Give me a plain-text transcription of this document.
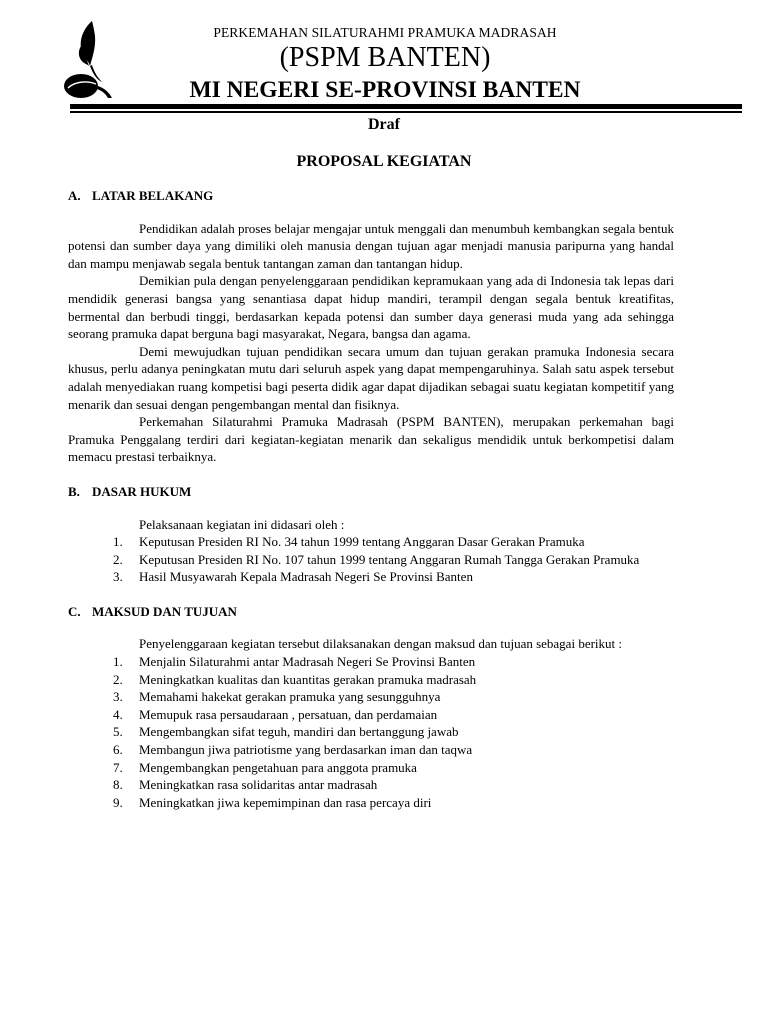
PERKEMAHAN SILATURAHMI PRAMUKA MADRASAH
(PSPM BANTEN)
MI NEGERI SE-PROVINSI BANTEN
Draf
PROPOSAL KEGIATAN

A. LATAR BELAKANG

Pendidikan adalah proses belajar mengajar untuk menggali dan menumbuh kembangkan segala bentuk potensi dan sumber daya yang dimiliki oleh manusia dengan tujuan agar menjadi manusia paripurna yang handal dan mampu menjawab segala bentuk tantangan zaman dan tantangan hidup.

Demikian pula dengan penyelenggaraan pendidikan kepramukaan yang ada di Indonesia tak lepas dari mendidik generasi bangsa yang senantiasa dapat hidup mandiri, terampil dengan segala bentuk kreatifitas, bermental dan berbudi tinggi, berdasarkan kepada potensi dan sumber daya generasi muda yang ada sehingga seorang pramuka dapat berguna bagi masyarakat, Negara, bangsa dan agama.

Demi mewujudkan tujuan pendidikan secara umum dan tujuan gerakan pramuka Indonesia secara khusus, perlu adanya peningkatan mutu dari seluruh aspek yang dapat mempengaruhinya. Salah satu aspek tersebut adalah menyediakan ruang kompetisi bagi peserta didik agar dapat dijadikan sebagai suatu kegiatan kompetitif yang menarik dan sesuai dengan pengembangan mental dan fisiknya.

Perkemahan Silaturahmi Pramuka Madrasah (PSPM BANTEN), merupakan perkemahan bagi Pramuka Penggalang terdiri dari kegiatan-kegiatan menarik dan sekaligus mendidik untuk berkompetisi dalam memacu prestasi terbaiknya.

B. DASAR HUKUM

Pelaksanaan kegiatan ini didasari oleh :

1.	Keputusan Presiden RI No. 34 tahun 1999 tentang Anggaran Dasar Gerakan Pramuka
2.	Keputusan Presiden RI No. 107 tahun 1999 tentang Anggaran Rumah Tangga Gerakan Pramuka
3.	Hasil Musyawarah Kepala Madrasah Negeri Se Provinsi Banten

C. MAKSUD DAN TUJUAN

Penyelenggaraan kegiatan tersebut dilaksanakan dengan maksud dan tujuan sebagai berikut :

1.	Menjalin Silaturahmi antar Madrasah Negeri Se Provinsi Banten
2.	Meningkatkan kualitas dan kuantitas gerakan pramuka madrasah
3.	Memahami hakekat gerakan pramuka yang sesungguhnya
4.	Memupuk rasa persaudaraan , persatuan, dan perdamaian
5.	Mengembangkan sifat teguh, mandiri dan bertanggung jawab
6.	Membangun jiwa patriotisme yang berdasarkan iman dan taqwa
7.	Mengembangkan pengetahuan para anggota pramuka
8.	Meningkatkan rasa solidaritas antar madrasah
9.	Meningkatkan jiwa kepemimpinan dan rasa percaya diri
